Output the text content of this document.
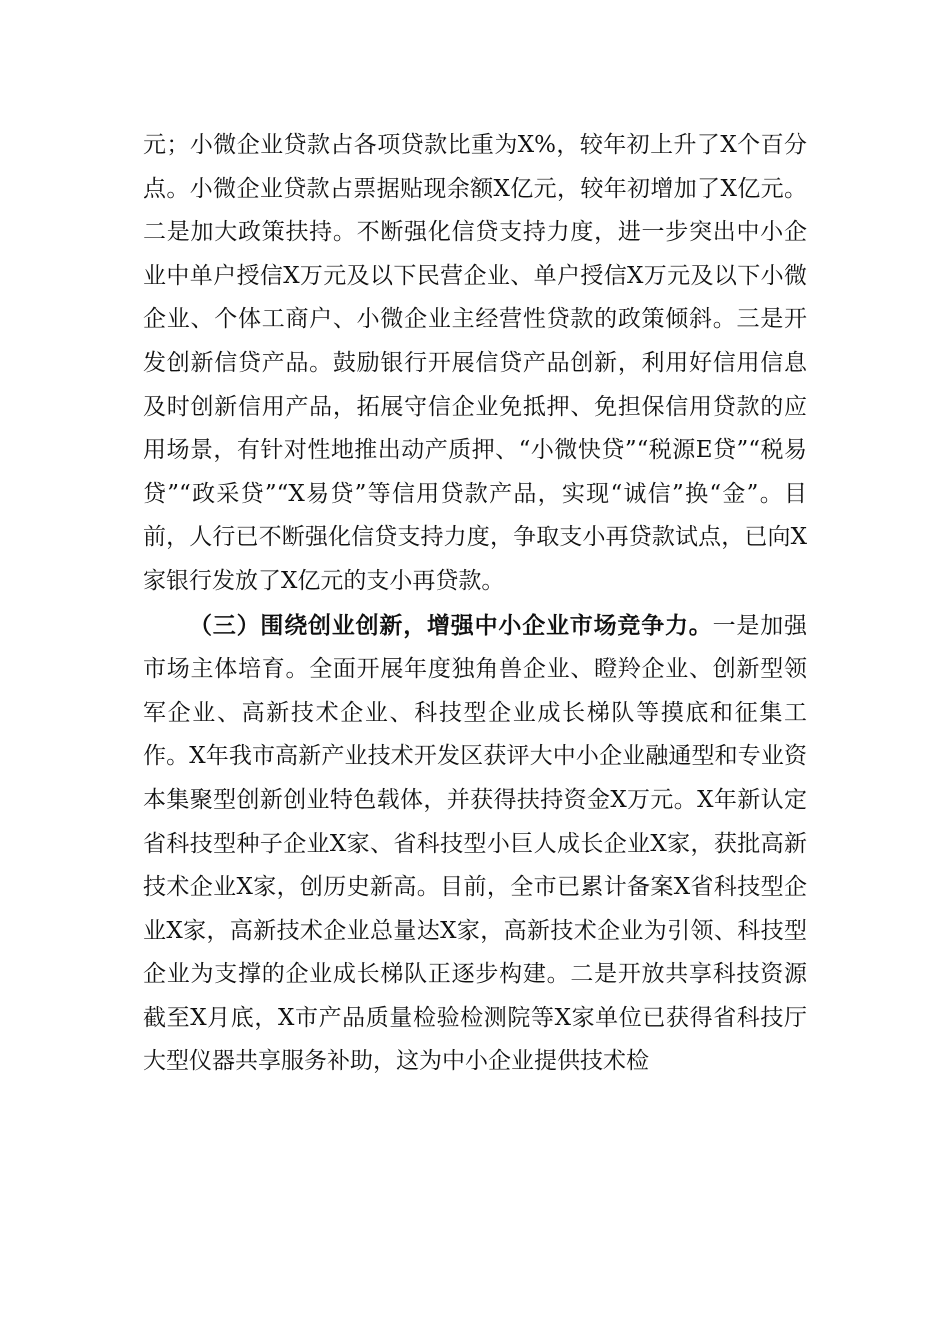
元；小微企业贷款占各项贷款比重为X%，较年初上升了X个百分点。小微企业贷款占票据贴现余额X亿元，较年初增加了X亿元。二是加大政策扶持。不断强化信贷支持力度，进一步突出中小企业中单户授信X万元及以下民营企业、单户授信X万元及以下小微企业、个体工商户、小微企业主经营性贷款的政策倾斜。三是开发创新信贷产品。鼓励银行开展信贷产品创新，利用好信用信息及时创新信用产品，拓展守信企业免抵押、免担保信用贷款的应用场景，有针对性地推出动产质押、“小微快贷”“税源E贷”“税易贷”“政采贷”“X易贷”等信用贷款产品，实现“诚信”换“金”。目前，人行已不断强化信贷支持力度，争取支小再贷款试点，已向X家银行发放了X亿元的支小再贷款。

（三）围绕创业创新，增强中小企业市场竞争力。一是加强市场主体培育。全面开展年度独角兽企业、瞪羚企业、创新型领军企业、高新技术企业、科技型企业成长梯队等摸底和征集工作。X年我市高新产业技术开发区获评大中小企业融通型和专业资本集聚型创新创业特色载体，并获得扶持资金X万元。X年新认定省科技型种子企业X家、省科技型小巨人成长企业X家，获批高新技术企业X家，创历史新高。目前，全市已累计备案X省科技型企业X家，高新技术企业总量达X家，高新技术企业为引领、科技型企业为支撑的企业成长梯队正逐步构建。二是开放共享科技资源截至X月底，X市产品质量检验检测院等X家单位已获得省科技厅大型仪器共享服务补助，这为中小企业提供技术检
